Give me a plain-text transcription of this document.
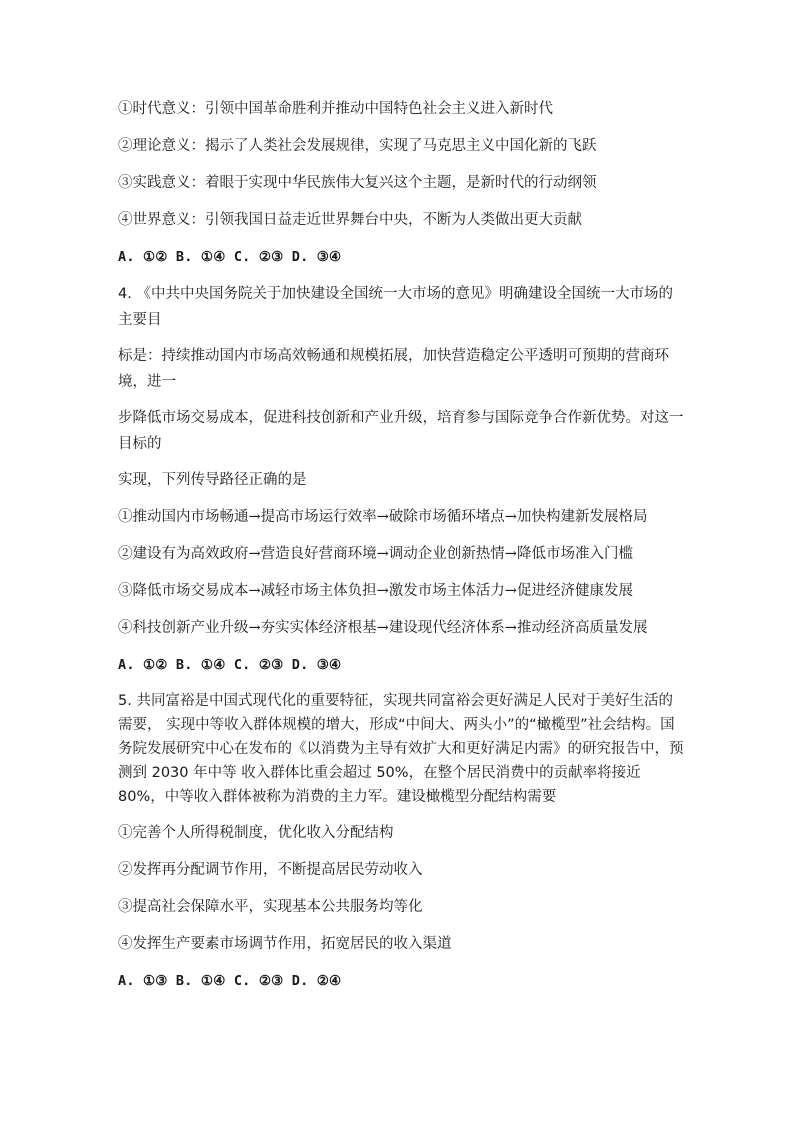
①时代意义：引领中国革命胜利并推动中国特色社会主义进入新时代
②理论意义：揭示了人类社会发展规律，实现了马克思主义中国化新的飞跃
③实践意义：着眼于实现中华民族伟大复兴这个主题，是新时代的行动纲领
④世界意义：引领我国日益走近世界舞台中央，不断为人类做出更大贡献
A. ①② B. ①④ C. ②③ D. ③④
4. 《中共中央国务院关于加快建设全国统一大市场的意见》明确建设全国统一大市场的主要目
标是：持续推动国内市场高效畅通和规模拓展，加快营造稳定公平透明可预期的营商环境，进一
步降低市场交易成本，促进科技创新和产业升级，培育参与国际竞争合作新优势。对这一目标的
实现，下列传导路径正确的是
①推动国内市场畅通→提高市场运行效率→破除市场循环堵点→加快构建新发展格局
②建设有为高效政府→营造良好营商环境→调动企业创新热情→降低市场准入门槛
③降低市场交易成本→减轻市场主体负担→激发市场主体活力→促进经济健康发展
④科技创新产业升级→夯实实体经济根基→建设现代经济体系→推动经济高质量发展
A. ①② B. ①④ C. ②③ D. ③④
5. 共同富裕是中国式现代化的重要特征，实现共同富裕会更好满足人民对于美好生活的需要， 实现中等收入群体规模的增大，形成“中间大、两头小”的“橄榄型”社会结构。国务院发展研究中心在发布的《以消费为主导有效扩大和更好满足内需》的研究报告中，预测到 2030 年中等 收入群体比重会超过 50%，在整个居民消费中的贡献率将接近 80%，中等收入群体被称为消费的主力军。建设橄榄型分配结构需要
①完善个人所得税制度，优化收入分配结构
②发挥再分配调节作用，不断提高居民劳动收入
③提高社会保障水平，实现基本公共服务均等化
④发挥生产要素市场调节作用，拓宽居民的收入渠道
A. ①③ B. ①④ C. ②③ D. ②④
